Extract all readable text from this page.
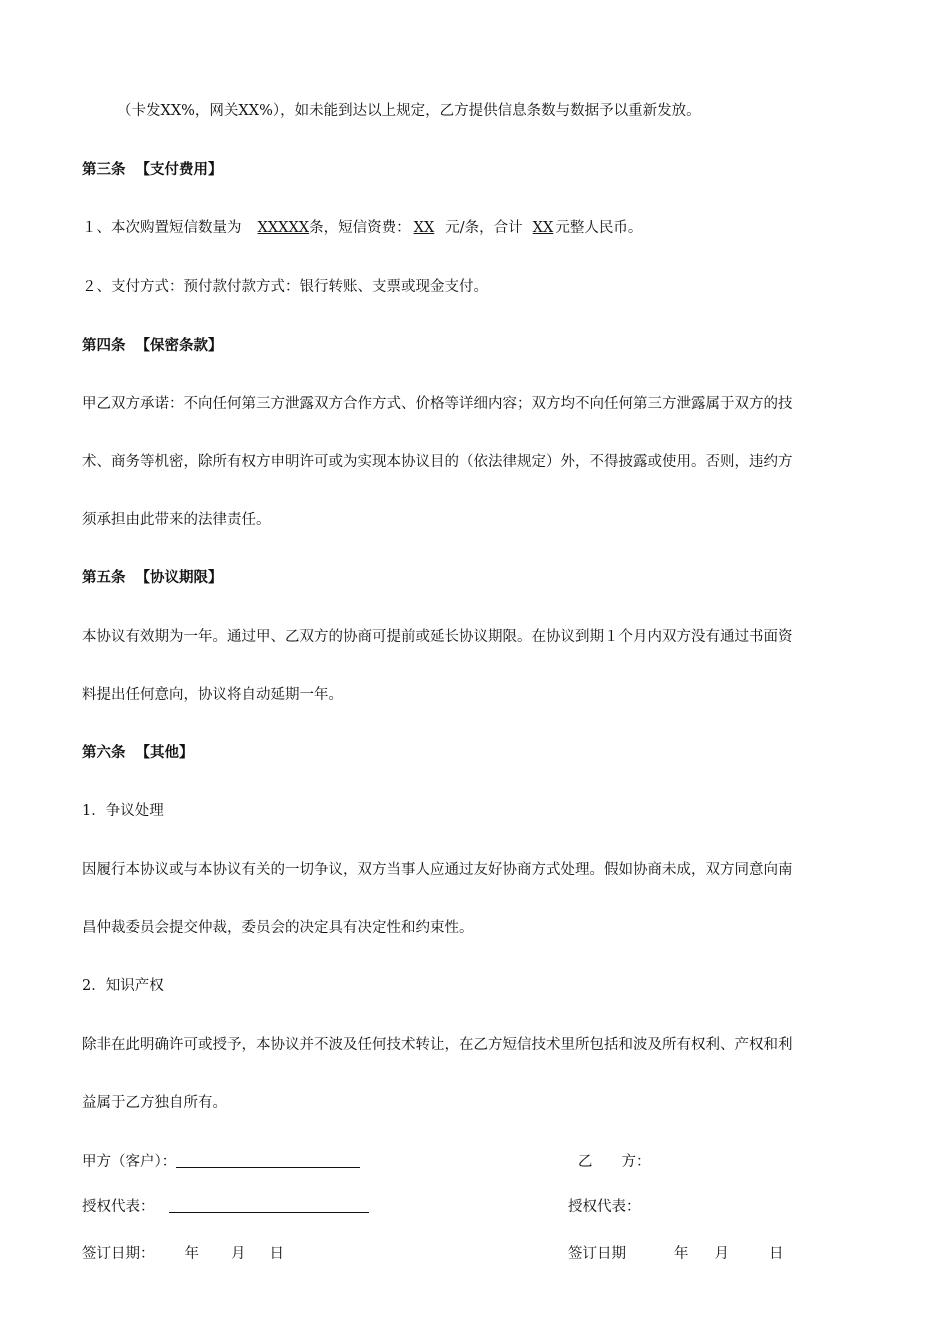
（卡发XX%，网关XX%），如未能到达以上规定，乙方提供信息条数与数据予以重新发放。
第三条 【支付费用】
１、本次购置短信数量为 XXXXX条，短信资费： XX 元/条，合计 XX 元整人民币。
２、支付方式：预付款付款方式：银行转账、支票或现金支付。
第四条 【保密条款】
甲乙双方承诺：不向任何第三方泄露双方合作方式、价格等详细内容；双方均不向任何第三方泄露属于双方的技
术、商务等机密，除所有权方申明许可或为实现本协议目的（依法律规定）外，不得披露或使用。否则，违约方
须承担由此带来的法律责任。
第五条 【协议期限】
本协议有效期为一年。通过甲、乙双方的协商可提前或延长协议期限。在协议到期１个月内双方没有通过书面资
料提出任何意向，协议将自动延期一年。
第六条 【其他】
1．争议处理
因履行本协议或与本协议有关的一切争议，双方当事人应通过友好协商方式处理。假如协商未成，双方同意向南
昌仲裁委员会提交仲裁，委员会的决定具有决定性和约束性。
2．知识产权
除非在此明确许可或授予，本协议并不波及任何技术转让，在乙方短信技术里所包括和波及所有权利、产权和利
益属于乙方独自所有。
甲方（客户）：	乙　　方：
授权代表：	授权代表：
签订日期： 年 月 日	签订日期	年 月	日
